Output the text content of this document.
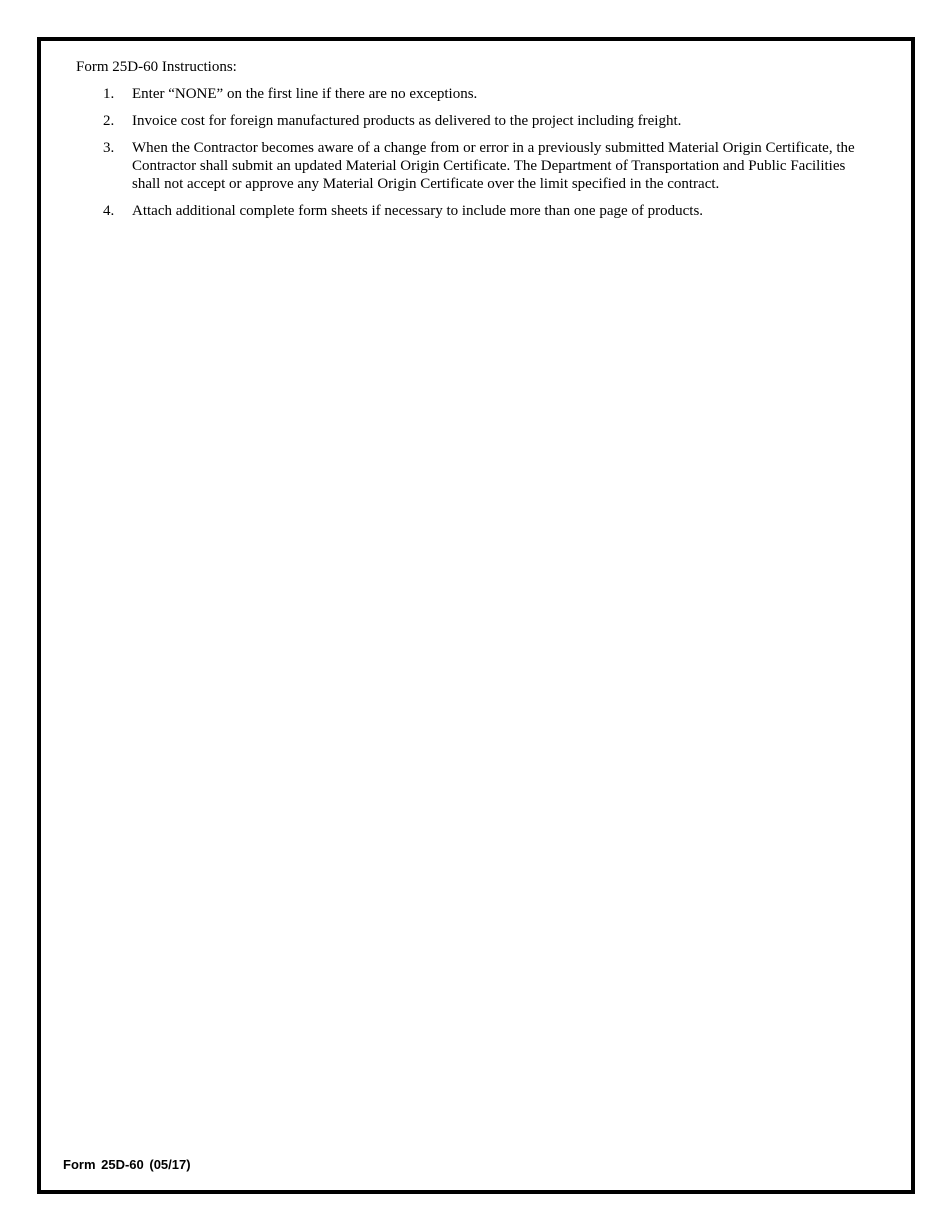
Form 25D-60 Instructions:

1.	Enter “NONE” on the first line if there are no exceptions.
2.	Invoice cost for foreign manufactured products as delivered to the project including freight.
3.	When the Contractor becomes aware of a change from or error in a previously submitted Material Origin Certificate, the Contractor shall submit an updated Material Origin Certificate. The Department of Transportation and Public Facilities shall not accept or approve any Material Origin Certificate over the limit specified in the contract.
4.	Attach additional complete form sheets if necessary to include more than one page of products.
Form 25D-60 (05/17)
